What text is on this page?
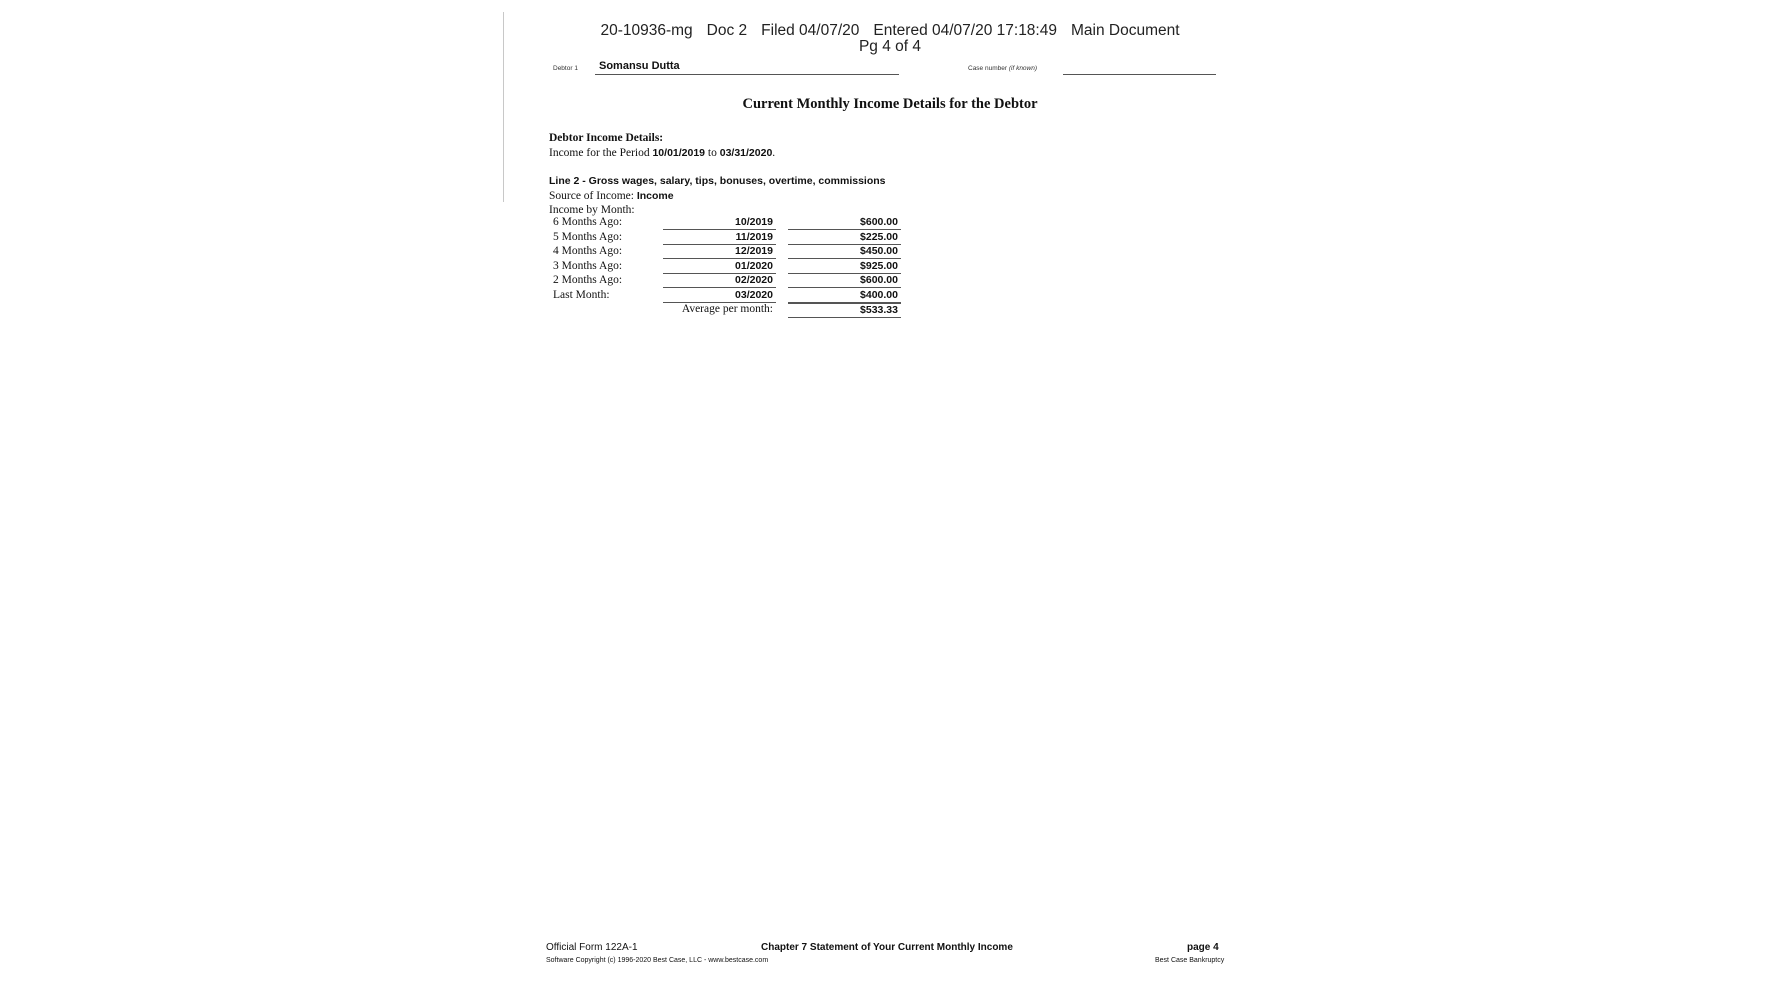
20-10936-mg Doc 2 Filed 04/07/20 Entered 04/07/20 17:18:49 Main Document
Pg 4 of 4
Debtor 1	Somansu Dutta	Case number (if known)
Current Monthly Income Details for the Debtor
Debtor Income Details:
Income for the Period 10/01/2019 to 03/31/2020.
Line 2 - Gross wages, salary, tips, bonuses, overtime, commissions
Source of Income: Income
Income by Month:
6 Months Ago:	10/2019	$600.00
5 Months Ago:	11/2019	$225.00
4 Months Ago:	12/2019	$450.00
3 Months Ago:	01/2020	$925.00
2 Months Ago:	02/2020	$600.00
Last Month:	03/2020	$400.00
Average per month:	$533.33
Official Form 122A-1	Chapter 7 Statement of Your Current Monthly Income	page 4
Software Copyright (c) 1996-2020 Best Case, LLC - www.bestcase.com	Best Case Bankruptcy
